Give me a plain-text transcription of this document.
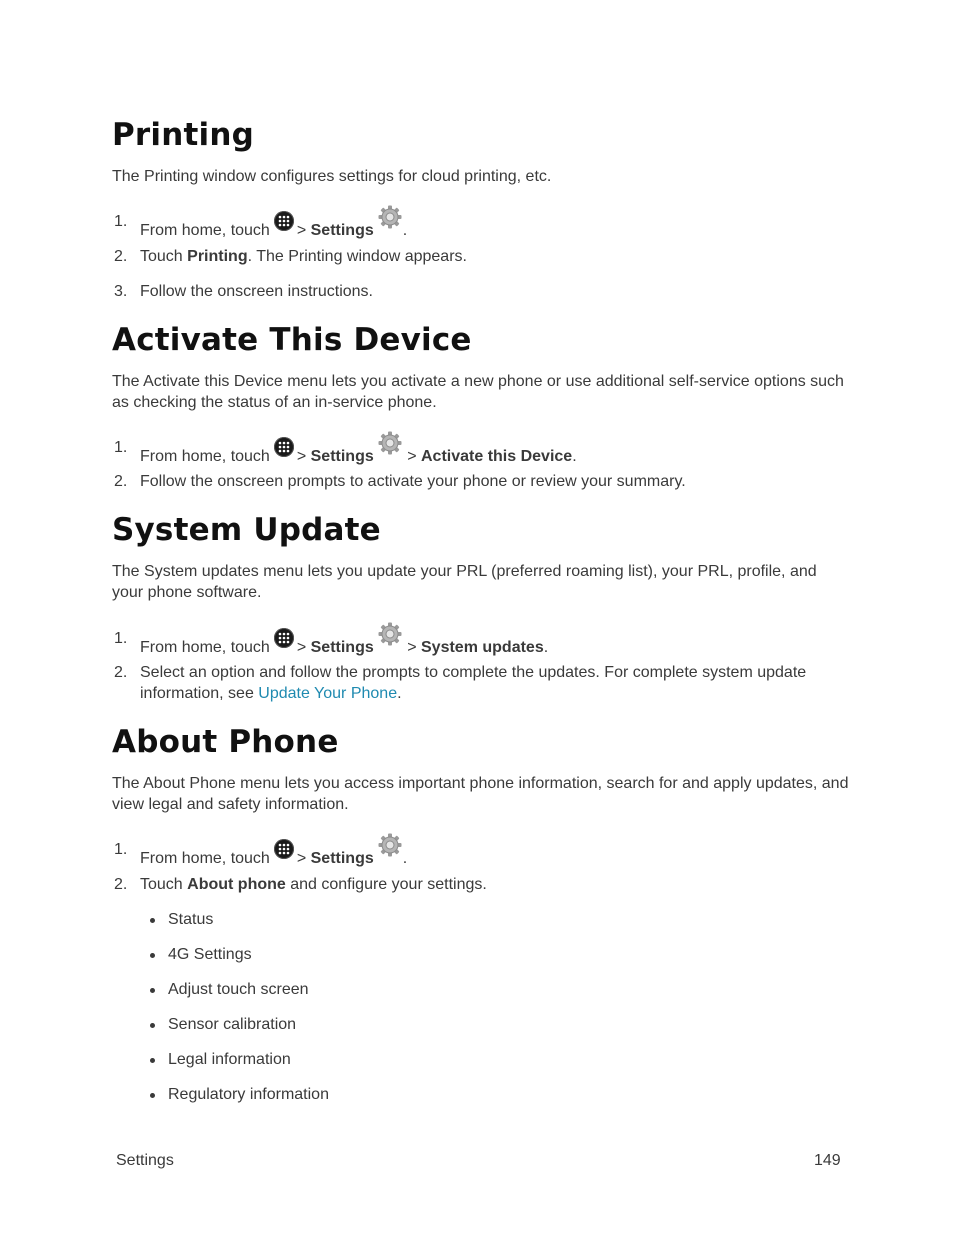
Printing

The Printing window configures settings for cloud printing, etc.

1.
From home, touch > Settings .
2. Touch Printing. The Printing window appears.
3. Follow the onscreen instructions.
Activate This Device

The Activate this Device menu lets you activate a new phone or use additional self-service options such as checking the status of an in-service phone.

1.
From home, touch > Settings > Activate this Device.
2. Follow the onscreen prompts to activate your phone or review your summary.
System Update

The System updates menu lets you update your PRL (preferred roaming list), your PRL, profile, and your phone software.

1.
From home, touch > Settings > System updates.
2. Select an option and follow the prompts to complete the updates. For complete system update information, see Update Your Phone.
About Phone

The About Phone menu lets you access important phone information, search for and apply updates, and view legal and safety information.

1.
From home, touch > Settings .
2. Touch About phone and configure your settings.
Status
4G Settings
Adjust touch screen
Sensor calibration
Legal information
Regulatory information
Settings	149
